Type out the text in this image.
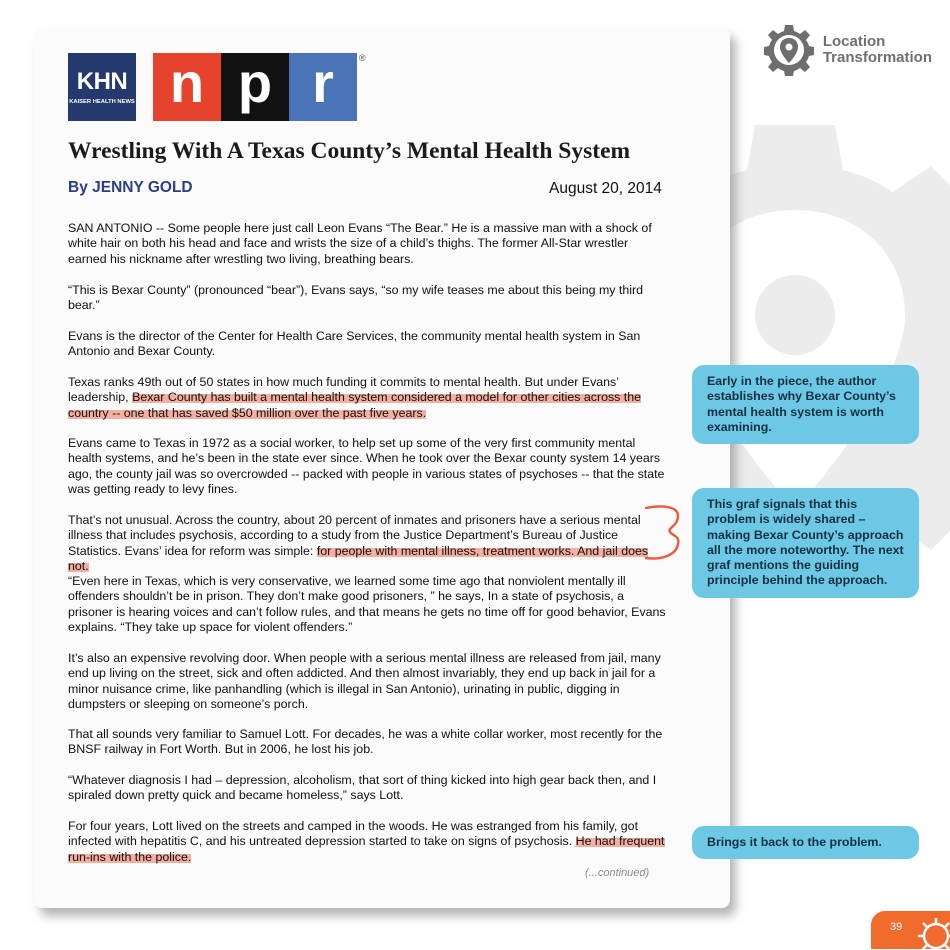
Location
Transformation
KHN
KAISER HEALTH NEWS n p r	®
Wrestling With A Texas County’s Mental Health System
By JENNY GOLD	August 20, 2014

SAN ANTONIO -- Some people here just call Leon Evans “The Bear.” He is a massive man with a shock of white hair on both his head and face and wrists the size of a child’s thighs. The former All-Star wrestler earned his nickname after wrestling two living, breathing bears.

“This is Bexar County” (pronounced “bear”), Evans says, “so my wife teases me about this being my third bear.”

Evans is the director of the Center for Health Care Services, the community mental health system in San Antonio and Bexar County.

Texas ranks 49th out of 50 states in how much funding it commits to mental health. But under Evans’ leadership, Bexar County has built a mental health system considered a model for other cities across the country -- one that has saved $50 million over the past five years.

Evans came to Texas in 1972 as a social worker, to help set up some of the very first community mental health systems, and he’s been in the state ever since. When he took over the Bexar county system 14 years ago, the county jail was so overcrowded -- packed with people in various states of psychoses -- that the state was getting ready to levy fines.

That’s not unusual. Across the country, about 20 percent of inmates and prisoners have a serious mental illness that includes psychosis, according to a study from the Justice Department’s Bureau of Justice Statistics. Evans’ idea for reform was simple: for people with mental illness, treatment works. And jail does not.

“Even here in Texas, which is very conservative, we learned some time ago that nonviolent mentally ill offenders shouldn’t be in prison. They don’t make good prisoners, ” he says, In a state of psychosis, a prisoner is hearing voices and can’t follow rules, and that means he gets no time off for good behavior, Evans explains. “They take up space for violent offenders.”

It’s also an expensive revolving door. When people with a serious mental illness are released from jail, many end up living on the street, sick and often addicted. And then almost invariably, they end up back in jail for a minor nuisance crime, like panhandling (which is illegal in San Antonio), urinating in public, digging in dumpsters or sleeping on someone’s porch.

That all sounds very familiar to Samuel Lott. For decades, he was a white collar worker, most recently for the BNSF railway in Fort Worth. But in 2006, he lost his job.

“Whatever diagnosis I had – depression, alcoholism, that sort of thing kicked into high gear back then, and I spiraled down pretty quick and became homeless,” says Lott.

For four years, Lott lived on the streets and camped in the woods. He was estranged from his family, got infected with hepatitis C, and his untreated depression started to take on signs of psychosis. He had frequent run-ins with the police.

(...continued)
Early in the piece, the author establishes why Bexar County’s mental health system is worth examining.
This graf signals that this problem is widely shared – making Bexar County’s approach all the more noteworthy. The next graf mentions the guiding principle behind the approach.
Brings it back to the problem.
39
